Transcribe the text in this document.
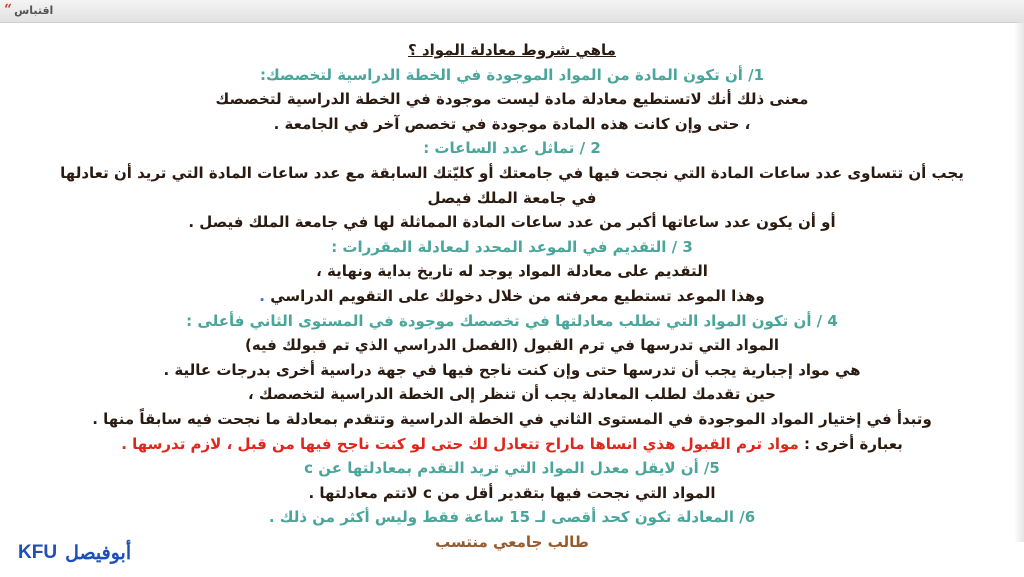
“ اقتباس
ماهي شروط معادلة المواد ؟
1/ أن تكون المادة من المواد الموجودة في الخطة الدراسية لتخصصك:
معنى ذلك أنك لاتستطيع معادلة مادة ليست موجودة في الخطة الدراسية لتخصصك
، حتى وإن كانت هذه المادة موجودة في تخصص آخر في الجامعة .
2 / تماثل عدد الساعات :
يجب أن تتساوى عدد ساعات المادة التي نجحت فيها في جامعتك أو كليّتك السابقة مع عدد ساعات المادة التي تريد أن تعادلها
في جامعة الملك فيصل
أو أن يكون عدد ساعاتها أكبر من عدد ساعات المادة المماثلة لها في جامعة الملك فيصل .
3 / التقديم في الموعد المحدد لمعادلة المقررات :
التقديم على معادلة المواد يوجد له تاريخ بداية ونهاية ،
وهذا الموعد تستطيع معرفته من خلال دخولك على التقويم الدراسي .
4 / أن تكون المواد التي تطلب معادلتها في تخصصك موجودة في المستوى الثاني فأعلى :
المواد التي تدرسها في ترم القبول (الفصل الدراسي الذي تم قبولك فيه)
هي مواد إجبارية يجب أن تدرسها حتى وإن كنت ناجح فيها في جهة دراسية أخرى بدرجات عالية .
حين تقدمك لطلب المعادلة يجب أن تنظر إلى الخطة الدراسية لتخصصك ،
وتبدأ في إختيار المواد الموجودة في المستوى الثاني في الخطة الدراسية وتتقدم بمعادلة ما نجحت فيه سابقاً منها .
بعبارة أخرى : مواد ترم القبول هذي انساها ماراح تتعادل لك حتى لو كنت ناجح فيها من قبل ، لازم تدرسها .
5/ أن لايقل معدل المواد التي تريد التقدم بمعادلتها عن c
المواد التي نجحت فيها بتقدير أقل من c لاتتم معادلتها .
6/ المعادلة تكون كحد أقصى لـ 15 ساعة فقط وليس أكثر من ذلك .
طالب جامعي منتسب
KFU أبوفيصل
